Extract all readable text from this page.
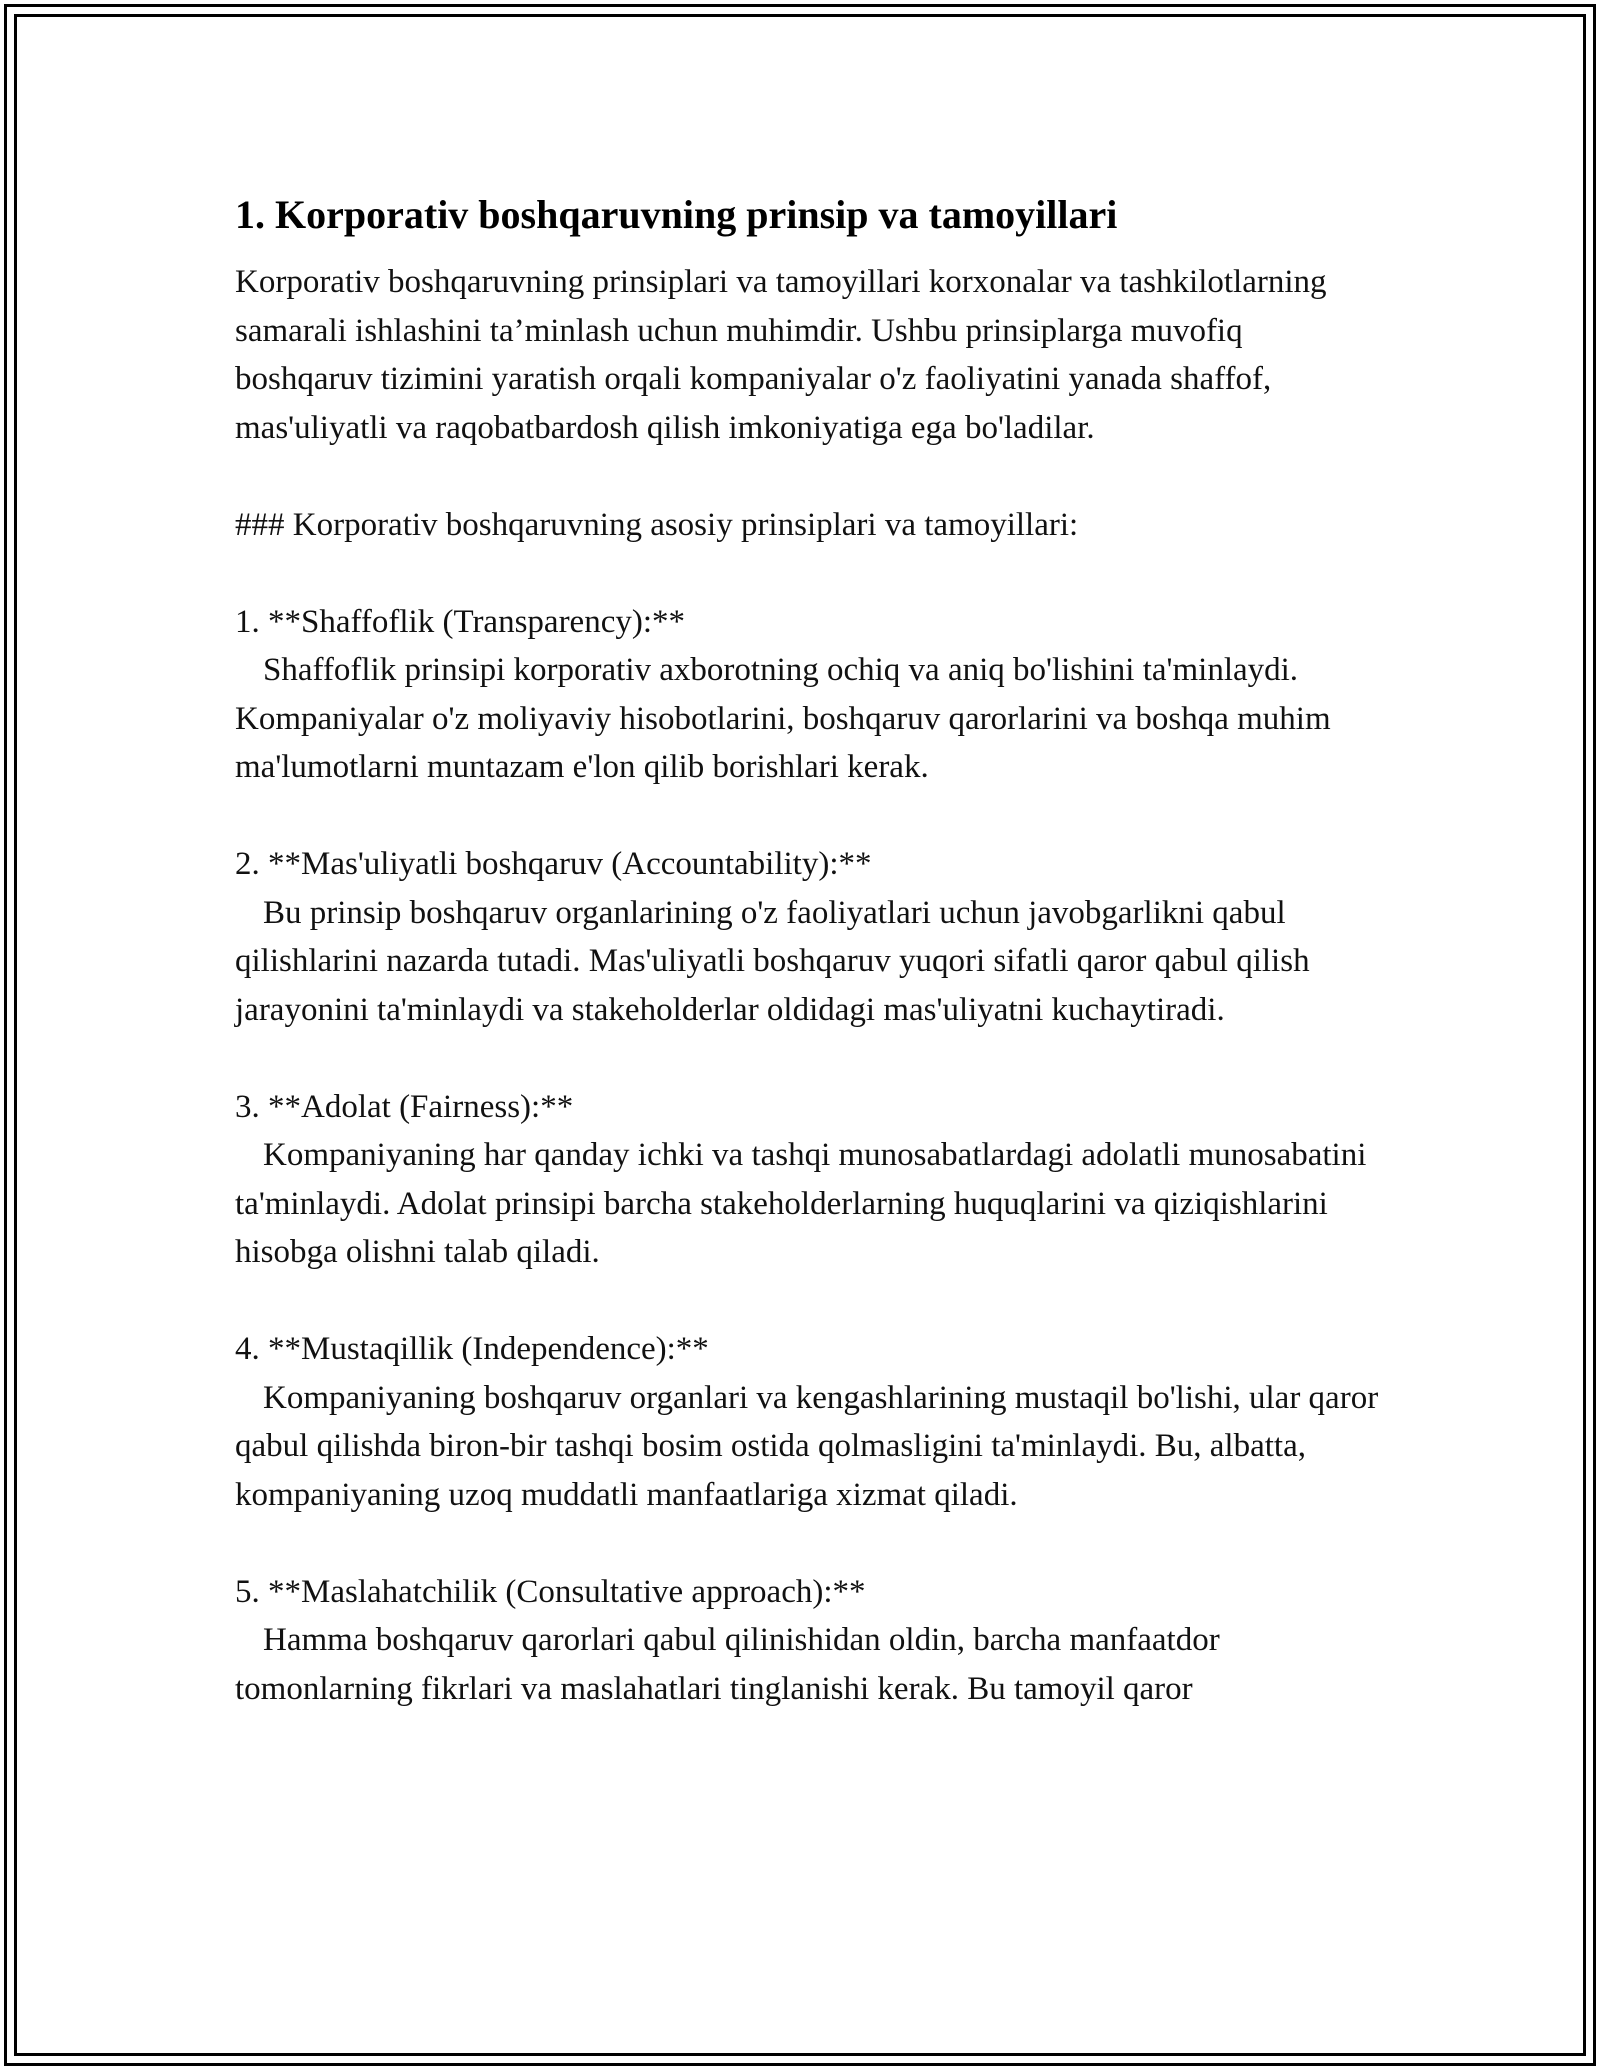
1. Korporativ boshqaruvning prinsip va tamoyillari

Korporativ boshqaruvning prinsiplari va tamoyillari korxonalar va tashkilotlarning samarali ishlashini ta’minlash uchun muhimdir. Ushbu prinsiplarga muvofiq boshqaruv tizimini yaratish orqali kompaniyalar o'z faoliyatini yanada shaffof, mas'uliyatli va raqobatbardosh qilish imkoniyatiga ega bo'ladilar.

### Korporativ boshqaruvning asosiy prinsiplari va tamoyillari:

1. **Shaffoflik (Transparency):**

Shaffoflik prinsipi korporativ axborotning ochiq va aniq bo'lishini ta'minlaydi. Kompaniyalar o'z moliyaviy hisobotlarini, boshqaruv qarorlarini va boshqa muhim ma'lumotlarni muntazam e'lon qilib borishlari kerak.

2. **Mas'uliyatli boshqaruv (Accountability):**

Bu prinsip boshqaruv organlarining o'z faoliyatlari uchun javobgarlikni qabul qilishlarini nazarda tutadi. Mas'uliyatli boshqaruv yuqori sifatli qaror qabul qilish jarayonini ta'minlaydi va stakeholderlar oldidagi mas'uliyatni kuchaytiradi.

3. **Adolat (Fairness):**

Kompaniyaning har qanday ichki va tashqi munosabatlardagi adolatli munosabatini ta'minlaydi. Adolat prinsipi barcha stakeholderlarning huquqlarini va qiziqishlarini hisobga olishni talab qiladi.

4. **Mustaqillik (Independence):**

Kompaniyaning boshqaruv organlari va kengashlarining mustaqil bo'lishi, ular qaror qabul qilishda biron-bir tashqi bosim ostida qolmasligini ta'minlaydi. Bu, albatta, kompaniyaning uzoq muddatli manfaatlariga xizmat qiladi.

5. **Maslahatchilik (Consultative approach):**

Hamma boshqaruv qarorlari qabul qilinishidan oldin, barcha manfaatdor tomonlarning fikrlari va maslahatlari tinglanishi kerak. Bu tamoyil qaror
